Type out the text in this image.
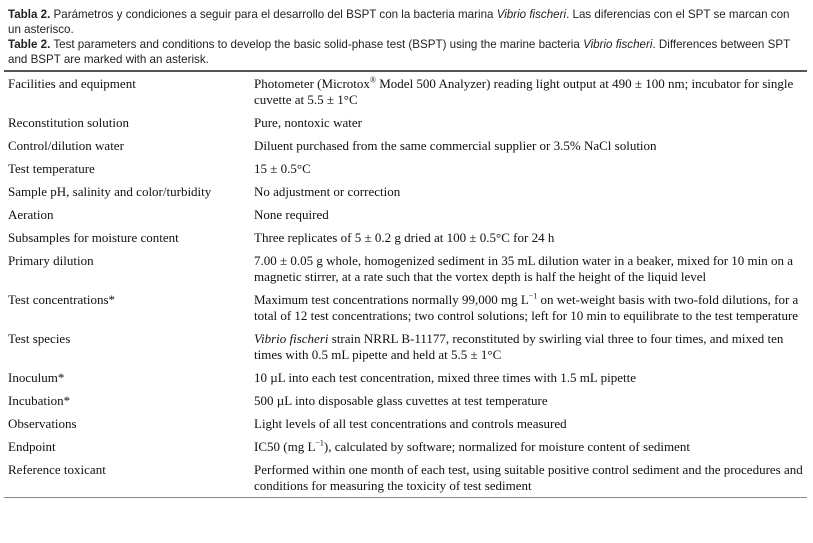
Tabla 2. Parámetros y condiciones a seguir para el desarrollo del BSPT con la bacteria marina Vibrio fischeri. Las diferencias con el SPT se marcan con un asterisco.
Table 2. Test parameters and conditions to develop the basic solid-phase test (BSPT) using the marine bacteria Vibrio fischeri. Differences between SPT and BSPT are marked with an asterisk.
Facilities and equipment	Photometer (Microtox® Model 500 Analyzer) reading light output at 490 ± 100 nm; incubator for single cuvette at 5.5 ± 1°C
Reconstitution solution	Pure, nontoxic water
Control/dilution water	Diluent purchased from the same commercial supplier or 3.5% NaCl solution
Test temperature	15 ± 0.5°C
Sample pH, salinity and color/turbidity	No adjustment or correction
Aeration	None required
Subsamples for moisture content	Three replicates of 5 ± 0.2 g dried at 100 ± 0.5°C for 24 h
Primary dilution	7.00 ± 0.05 g whole, homogenized sediment in 35 mL dilution water in a beaker, mixed for 10 min on a magnetic stirrer, at a rate such that the vortex depth is half the height of the liquid level
Test concentrations*	Maximum test concentrations normally 99,000 mg $L^{-1}$ on wet-weight basis with two-fold dilutions, for a total of 12 test concentrations; two control solutions; left for 10 min to equilibrate to the test temperature
Test species	Vibrio fischeri strain NRRL B-11177, reconstituted by swirling vial three to four times, and mixed ten times with 0.5 mL pipette and held at 5.5 ± 1°C
Inoculum*	10 µL into each test concentration, mixed three times with 1.5 mL pipette
Incubation*	500 µL into disposable glass cuvettes at test temperature
Observations	Light levels of all test concentrations and controls measured
Endpoint	IC50 (mg $L^{-1}$), calculated by software; normalized for moisture content of sediment
Reference toxicant	Performed within one month of each test, using suitable positive control sediment and the procedures and conditions for measuring the toxicity of test sediment
